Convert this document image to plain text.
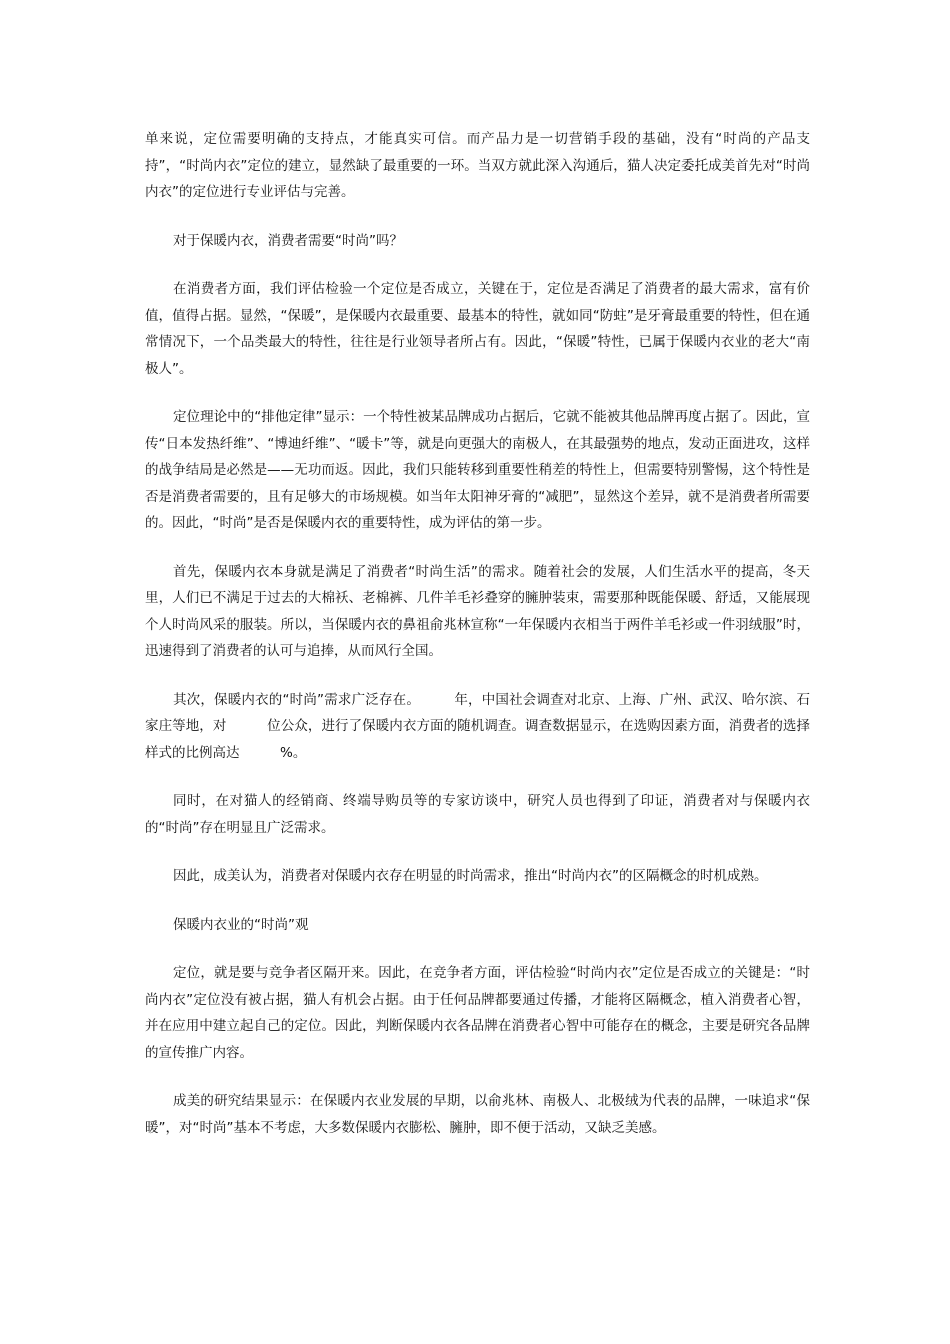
单来说，定位需要明确的支持点，才能真实可信。而产品力是一切营销手段的基础，没有“时尚的产品支持”，“时尚内衣”定位的建立，显然缺了最重要的一环。当双方就此深入沟通后，猫人决定委托成美首先对“时尚内衣”的定位进行专业评估与完善。

对于保暖内衣，消费者需要“时尚”吗？

在消费者方面，我们评估检验一个定位是否成立，关键在于，定位是否满足了消费者的最大需求，富有价值，值得占据。显然，“保暖”，是保暖内衣最重要、最基本的特性，就如同“防蛀”是牙膏最重要的特性，但在通常情况下，一个品类最大的特性，往往是行业领导者所占有。因此，“保暖”特性，已属于保暖内衣业的老大“南极人”。

定位理论中的“排他定律”显示：一个特性被某品牌成功占据后，它就不能被其他品牌再度占据了。因此，宣传“日本发热纤维”、“博迪纤维”、“暖卡”等，就是向更强大的南极人，在其最强势的地点，发动正面进攻，这样的战争结局是必然是——无功而返。因此，我们只能转移到重要性稍差的特性上，但需要特别警惕，这个特性是否是消费者需要的，且有足够大的市场规模。如当年太阳神牙膏的“减肥”，显然这个差异，就不是消费者所需要的。因此，“时尚”是否是保暖内衣的重要特性，成为评估的第一步。

首先，保暖内衣本身就是满足了消费者“时尚生活”的需求。随着社会的发展，人们生活水平的提高，冬天里，人们已不满足于过去的大棉袄、老棉裤、几件羊毛衫叠穿的臃肿装束，需要那种既能保暖、舒适，又能展现个人时尚风采的服装。所以，当保暖内衣的鼻祖俞兆林宣称“一年保暖内衣相当于两件羊毛衫或一件羽绒服”时，迅速得到了消费者的认可与追捧，从而风行全国。

其次，保暖内衣的“时尚”需求广泛存在。　　　年，中国社会调查对北京、上海、广州、武汉、哈尔滨、石家庄等地，对　　　位公众，进行了保暖内衣方面的随机调查。调查数据显示，在选购因素方面，消费者的选择样式的比例高达　　　%。

同时，在对猫人的经销商、终端导购员等的专家访谈中，研究人员也得到了印证，消费者对与保暖内衣的“时尚”存在明显且广泛需求。

因此，成美认为，消费者对保暖内衣存在明显的时尚需求，推出“时尚内衣”的区隔概念的时机成熟。

保暖内衣业的“时尚”观

定位，就是要与竞争者区隔开来。因此，在竞争者方面，评估检验“时尚内衣”定位是否成立的关键是：“时尚内衣”定位没有被占据，猫人有机会占据。由于任何品牌都要通过传播，才能将区隔概念，植入消费者心智，并在应用中建立起自己的定位。因此，判断保暖内衣各品牌在消费者心智中可能存在的概念，主要是研究各品牌的宣传推广内容。

成美的研究结果显示：在保暖内衣业发展的早期，以俞兆林、南极人、北极绒为代表的品牌，一味追求“保暖”，对“时尚”基本不考虑，大多数保暖内衣膨松、臃肿，即不便于活动，又缺乏美感。
